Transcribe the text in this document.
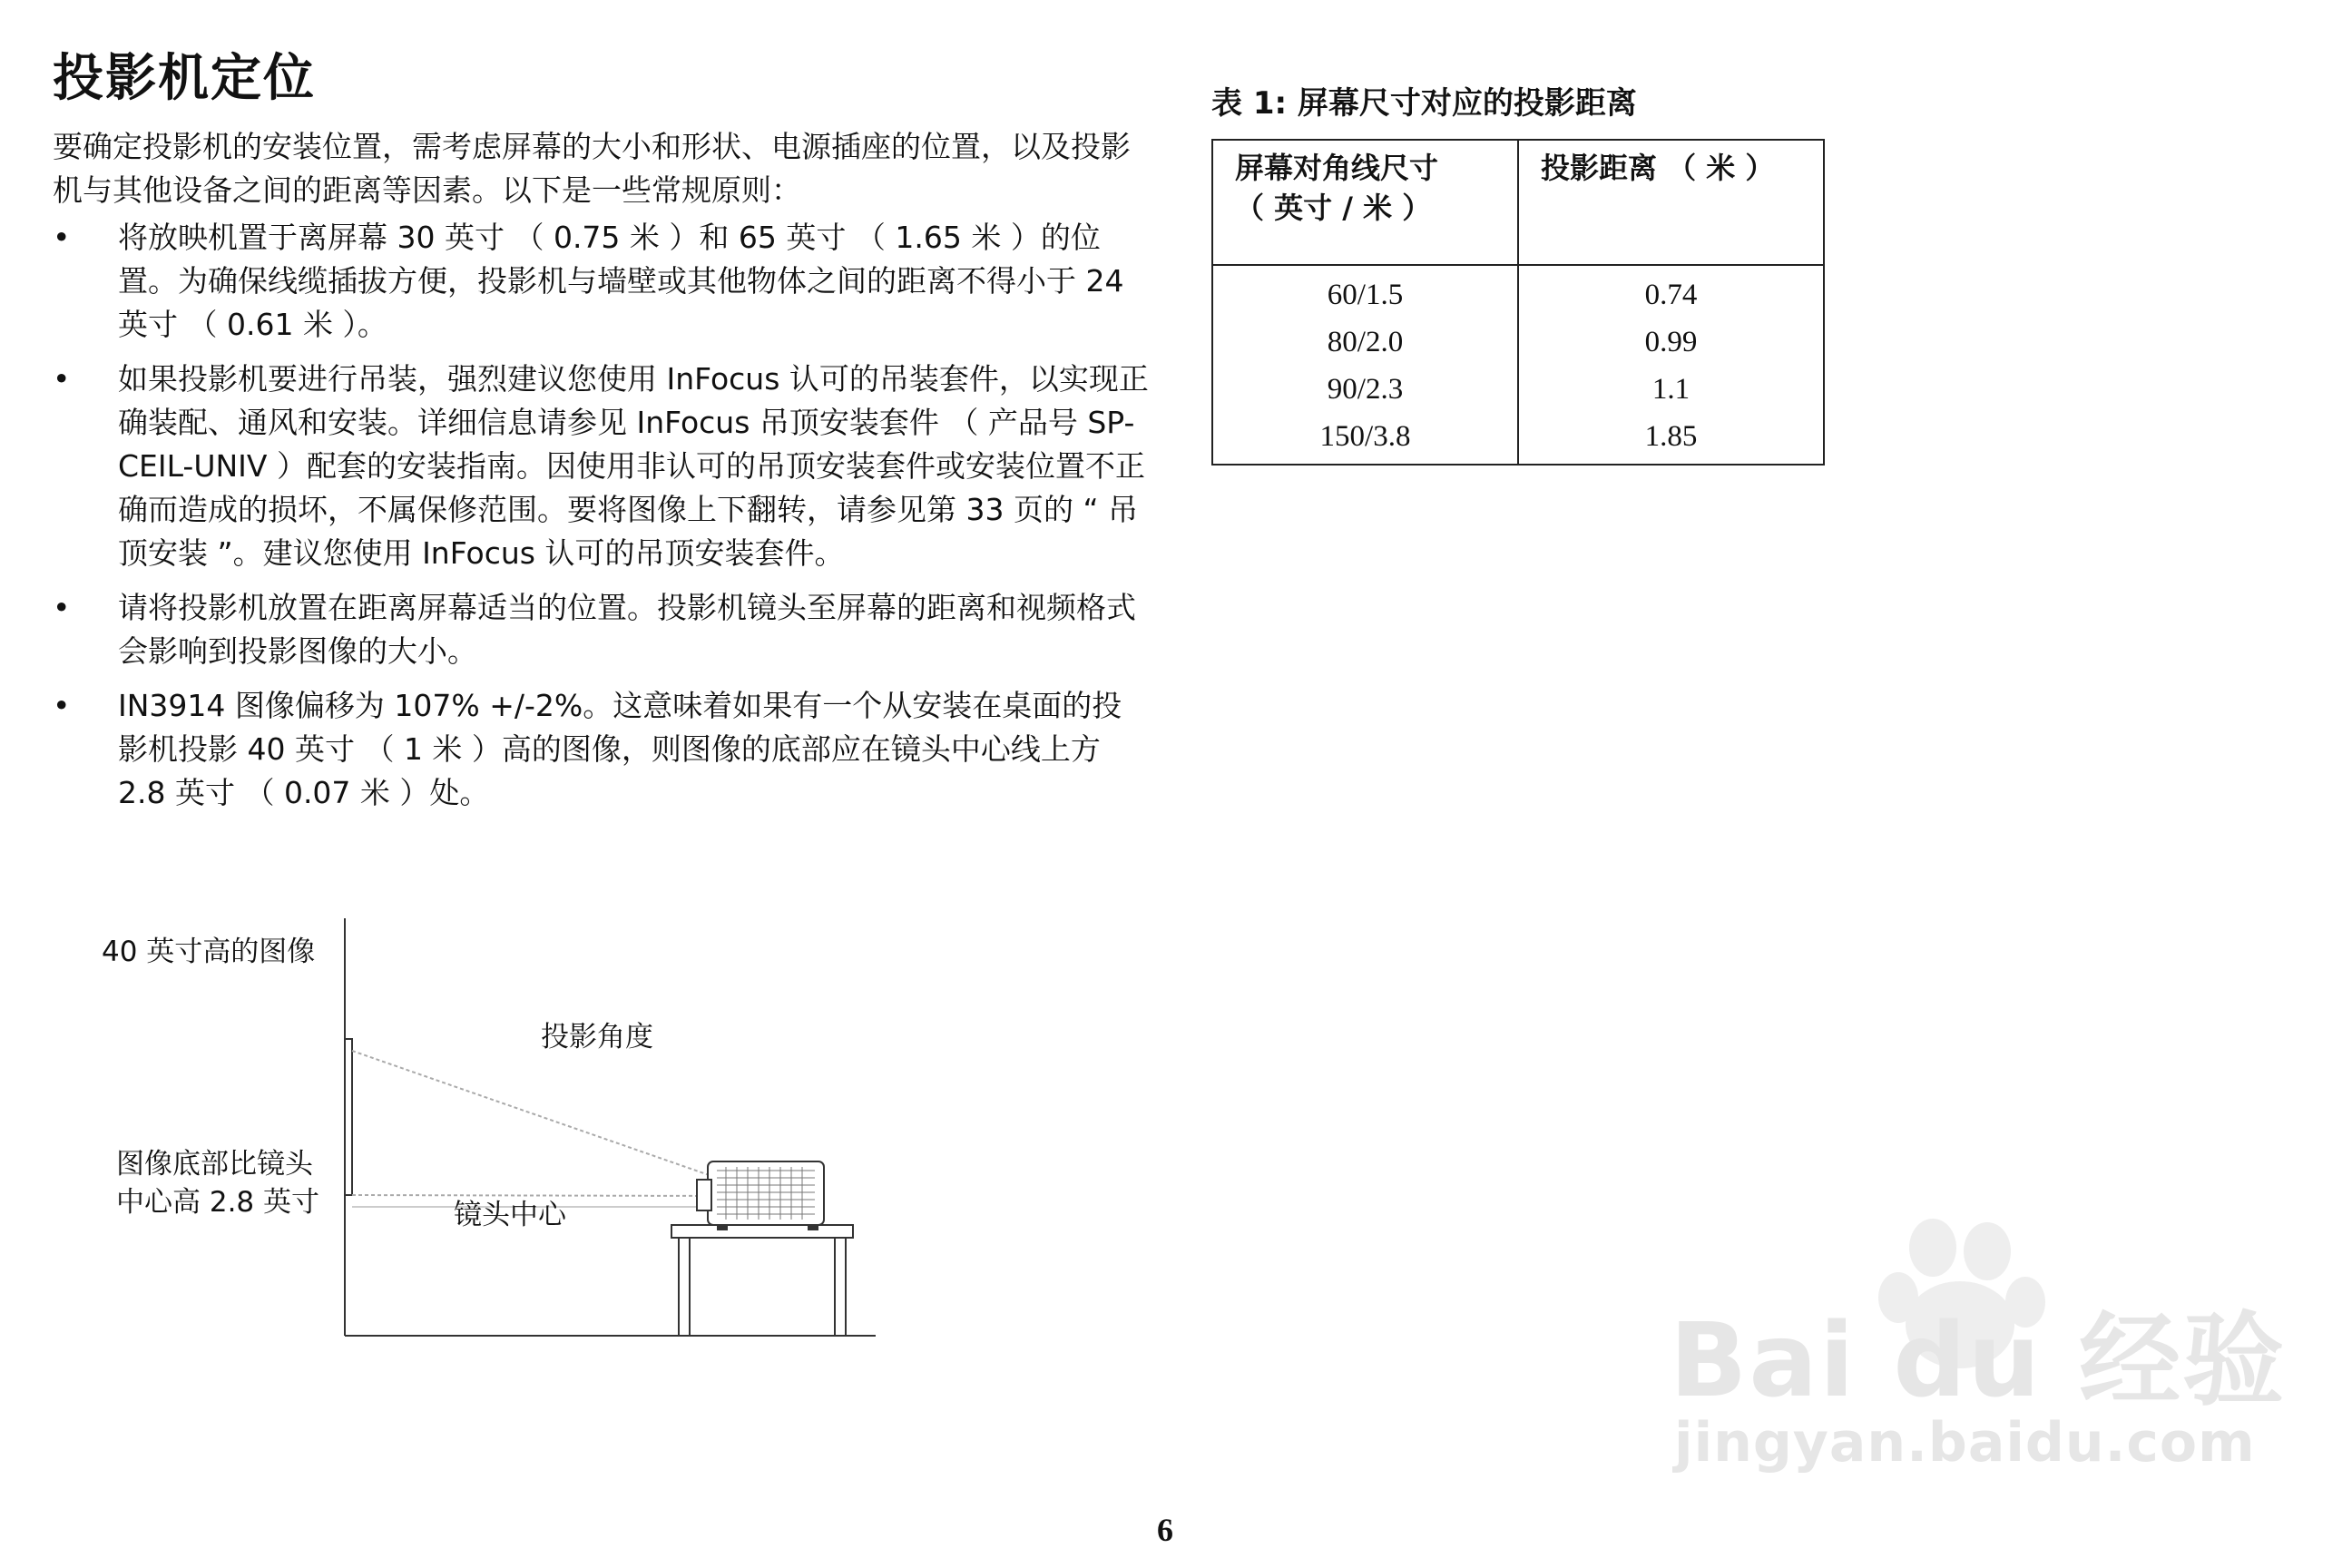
投影机定位
要确定投影机的安装位置，需考虑屏幕的大小和形状、电源插座的位置，以及投影机与其他设备之间的距离等因素。以下是一些常规原则：
• 将放映机置于离屏幕 30 英寸 （ 0.75 米 ）和 65 英寸 （ 1.65 米 ）的位置。为确保线缆插拔方便，投影机与墙壁或其他物体之间的距离不得小于 24 英寸 （ 0.61 米 ）。
• 如果投影机要进行吊装，强烈建议您使用 InFocus 认可的吊装套件，以实现正确装配、通风和安装。详细信息请参见 InFocus 吊顶安装套件 （ 产品号 SP-CEIL-UNIV ）配套的安装指南。因使用非认可的吊顶安装套件或安装位置不正确而造成的损坏，不属保修范围。要将图像上下翻转，请参见第 33 页的 “ 吊顶安装 ”。建议您使用 InFocus 认可的吊顶安装套件。
• 请将投影机放置在距离屏幕适当的位置。投影机镜头至屏幕的距离和视频格式会影响到投影图像的大小。
• IN3914 图像偏移为 107% +/-2%。这意味着如果有一个从安装在桌面的投影机投影 40 英寸 （ 1 米 ）高的图像，则图像的底部应在镜头中心线上方 2.8 英寸 （ 0.07 米 ）处。
表 1: 屏幕尺寸对应的投影距离
屏幕对角线尺寸
（ 英寸 / 米 ）	投影距离 （ 米 ）
60/1.5	0.74
80/2.0	0.99
90/2.3	1.1
150/3.8	1.85
40 英寸高的图像
投影角度
图像底部比镜头
中心高 2.8 英寸	镜头中心
6
Bai du 经验
jingyan.baidu.com
